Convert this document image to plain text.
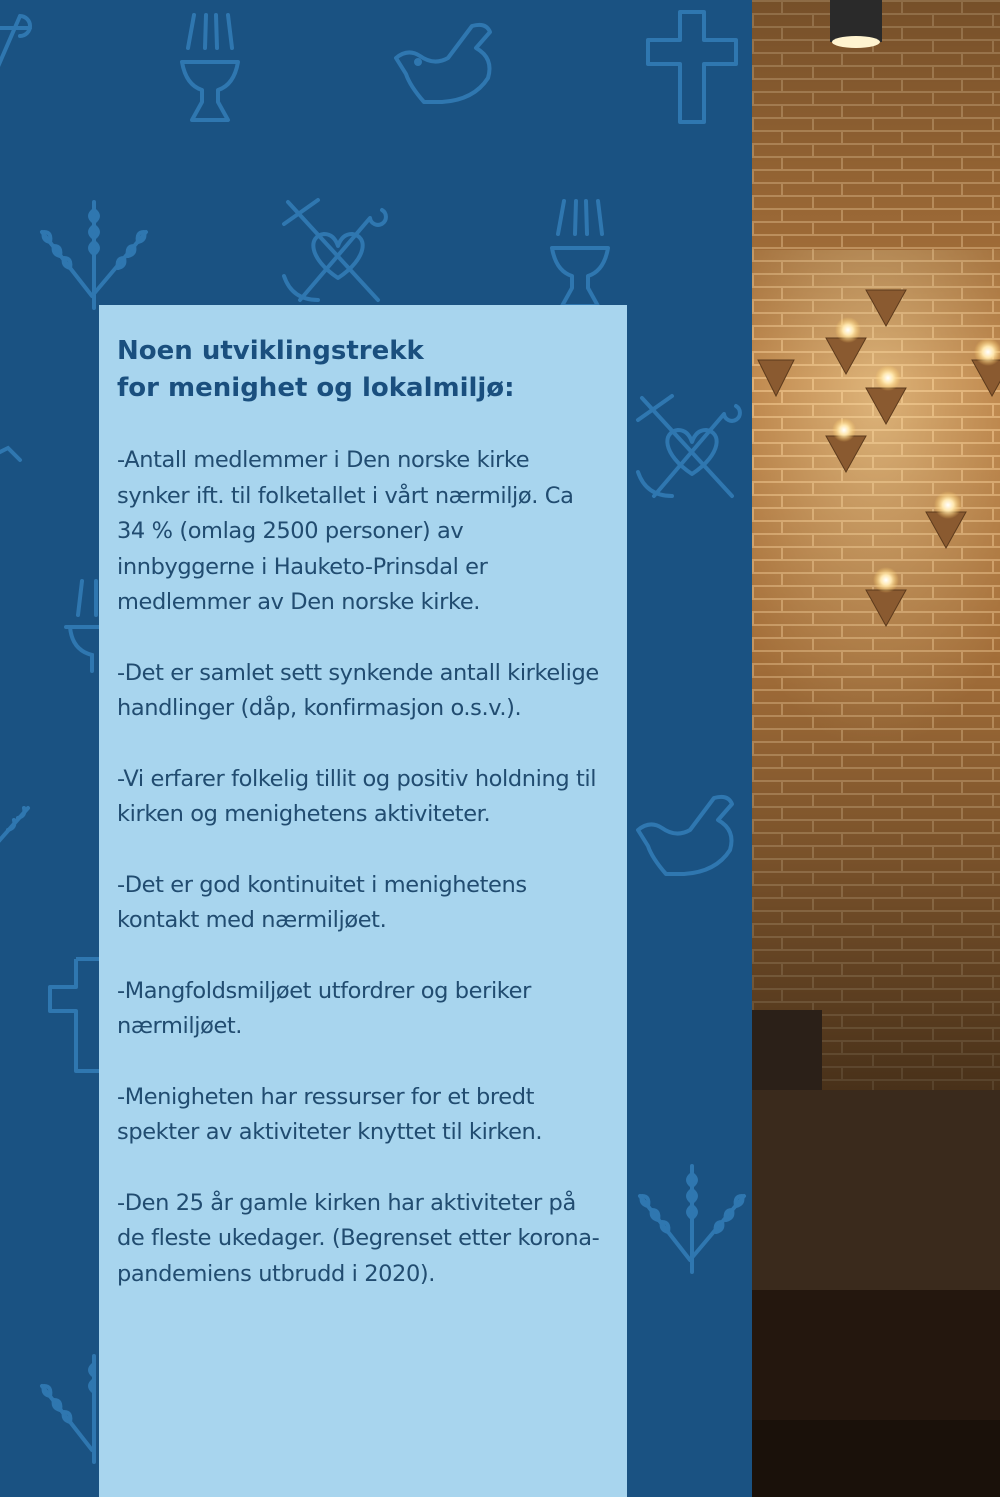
Noen utviklingstrekk
for menighet og lokalmiljø:

-Antall medlemmer i Den norske kirke synker ift. til folketallet i vårt nærmiljø. Ca 34 % (omlag 2500 personer) av innbyggerne i Hauketo-Prinsdal er medlemmer av Den norske kirke.

-Det er samlet sett synkende antall kirkelige handlinger (dåp, konfirmasjon o.s.v.).

-Vi erfarer folkelig tillit og positiv holdning til kirken og menighetens aktiviteter.

-Det er god kontinuitet i menighetens kontakt med nærmiljøet.

-Mangfoldsmiljøet utfordrer og beriker nærmiljøet.

-Menigheten har ressurser for et bredt spekter av aktiviteter knyttet til kirken.

-Den 25 år gamle kirken har aktiviteter på de fleste ukedager. (Begrenset etter korona-pandemiens utbrudd i 2020).
